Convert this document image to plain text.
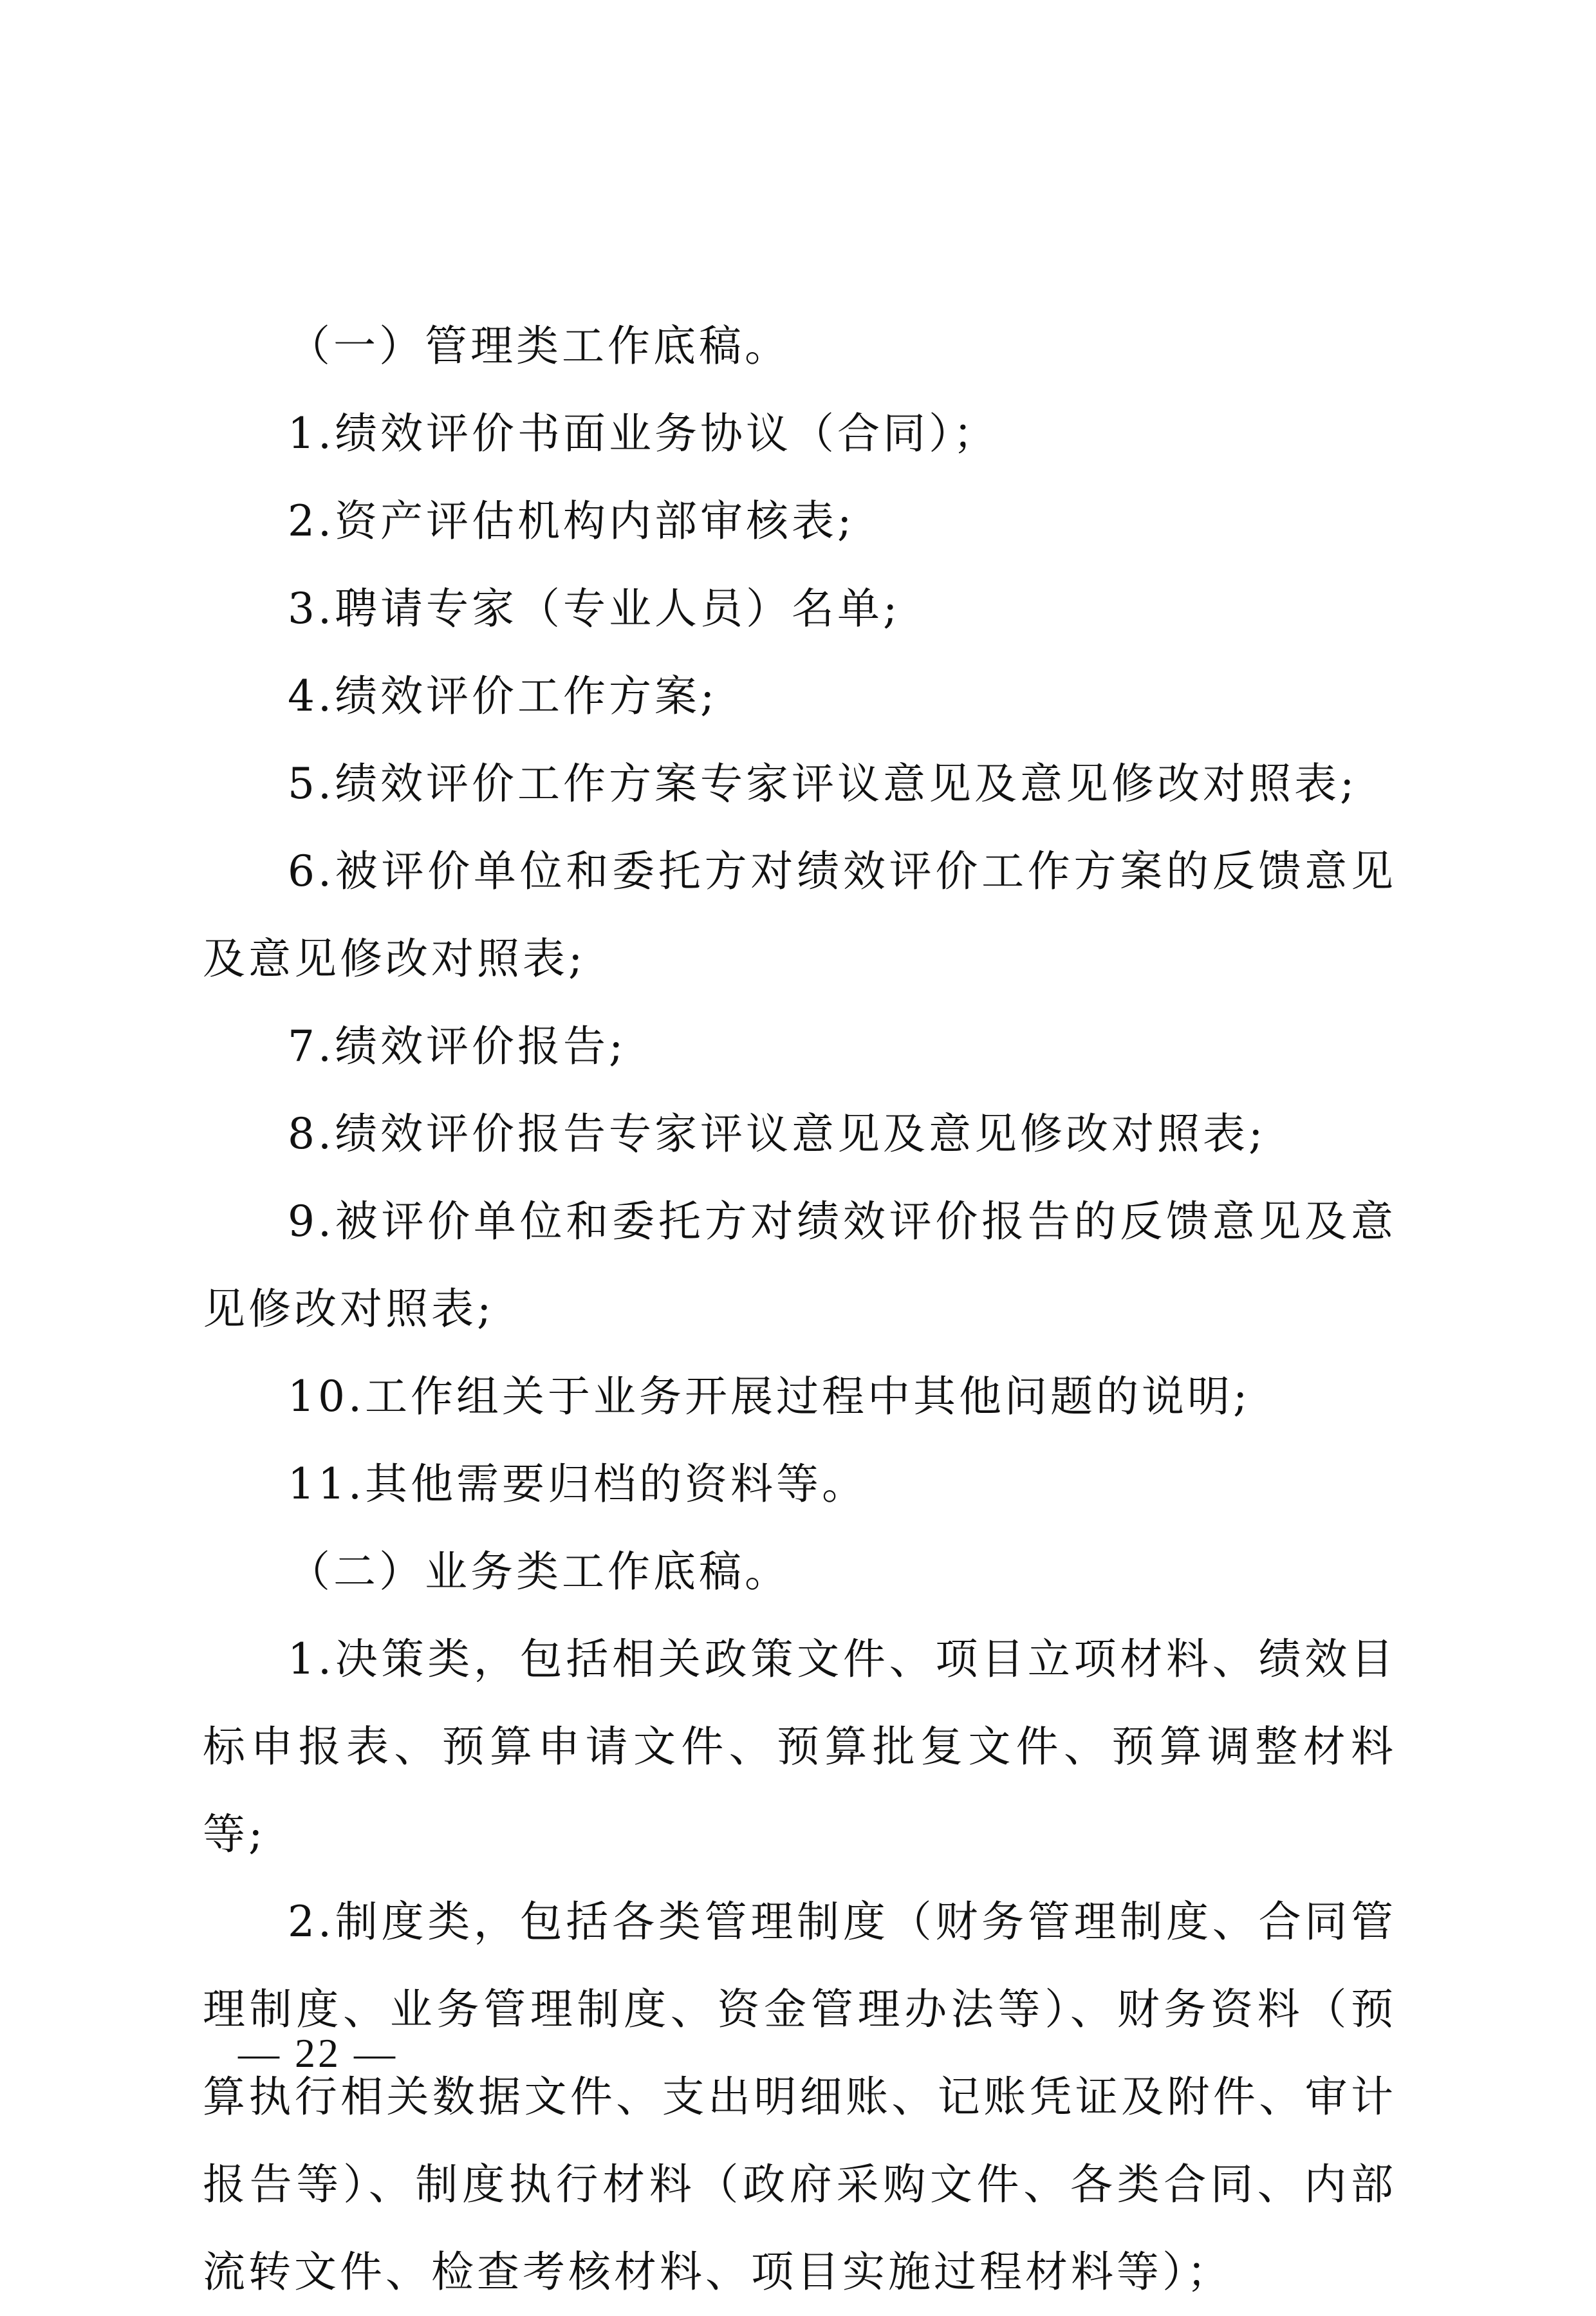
（一）管理类工作底稿。

1.绩效评价书面业务协议（合同）；

2.资产评估机构内部审核表;

3.聘请专家（专业人员）名单;

4.绩效评价工作方案;

5.绩效评价工作方案专家评议意见及意见修改对照表;

6.被评价单位和委托方对绩效评价工作方案的反馈意见及意见修改对照表;

7.绩效评价报告;

8.绩效评价报告专家评议意见及意见修改对照表;

9.被评价单位和委托方对绩效评价报告的反馈意见及意见修改对照表;

10.工作组关于业务开展过程中其他问题的说明;

11.其他需要归档的资料等。

（二）业务类工作底稿。

1.决策类，包括相关政策文件、项目立项材料、绩效目标申报表、预算申请文件、预算批复文件、预算调整材料等;

2.制度类，包括各类管理制度（财务管理制度、合同管理制度、业务管理制度、资金管理办法等）、财务资料（预算执行相关数据文件、支出明细账、记账凭证及附件、审计报告等）、制度执行材料（政府采购文件、各类合同、内部流转文件、检查考核材料、项目实施过程材料等）；

— 22 —
